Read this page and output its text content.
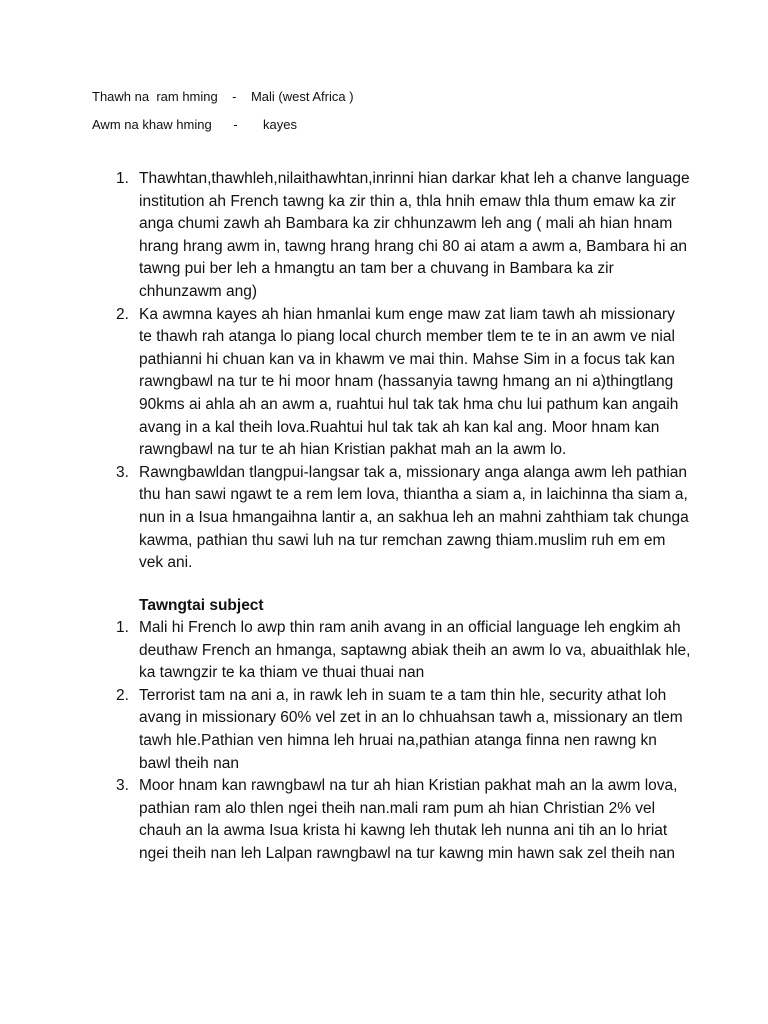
Thawh na  ram hming    -    Mali (west Africa )
Awm na khaw hming      -       kayes
1. Thawhtan,thawhleh,nilaithawhtan,inrinni hian darkar khat leh a chanve language institution ah French tawng ka zir thin a, thla hnih emaw thla thum emaw ka zir anga chumi zawh ah Bambara ka zir chhunzawm leh ang ( mali ah hian hnam hrang hrang awm in, tawng hrang hrang chi 80 ai atam a awm a, Bambara hi an tawng pui ber leh a hmangtu an tam ber a chuvang in Bambara ka zir chhunzawm ang)
2. Ka awmna kayes ah hian hmanlai kum enge maw zat liam tawh ah missionary te thawh rah atanga lo piang local church member tlem te te in an awm ve nial pathianni hi chuan kan va in khawm ve mai thin. Mahse Sim in a focus tak kan rawngbawl na tur te hi moor hnam (hassanyia tawng hmang an ni a)thingtlang 90kms ai ahla ah an awm a, ruahtui hul tak tak hma chu lui pathum kan angaih avang in a kal theih lova.Ruahtui hul tak tak ah kan kal ang. Moor hnam kan rawngbawl na tur te ah hian Kristian pakhat mah an la awm lo.
3. Rawngbawldan tlangpui-langsar tak a, missionary anga alanga awm leh pathian thu han sawi ngawt te a rem lem lova, thiantha a siam a, in laichinna tha siam a, nun in a Isua hmangaihna lantir a, an sakhua leh an mahni zahthiam tak chunga kawma, pathian thu sawi luh na tur remchan zawng thiam.muslim ruh em em vek ani.
Tawngtai subject
1. Mali hi French lo awp thin ram anih avang in an official language leh engkim ah deuthaw French an hmanga, saptawng abiak theih an awm lo va, abuaithlak hle, ka tawngzir te ka thiam ve thuai thuai nan
2. Terrorist tam na ani a, in rawk leh in suam te a tam thin hle, security athat loh avang in missionary 60% vel zet in an lo chhuahsan tawh a, missionary an tlem tawh hle.Pathian ven himna leh hruai na,pathian atanga finna nen rawng kn bawl theih nan
3. Moor hnam kan rawngbawl na tur ah hian Kristian pakhat mah an la awm lova, pathian ram alo thlen ngei theih nan.mali ram pum ah hian Christian 2% vel chauh an la awma Isua krista hi kawng leh thutak leh nunna ani tih an lo hriat ngei theih nan leh Lalpan rawngbawl na tur kawng min hawn sak zel theih nan
